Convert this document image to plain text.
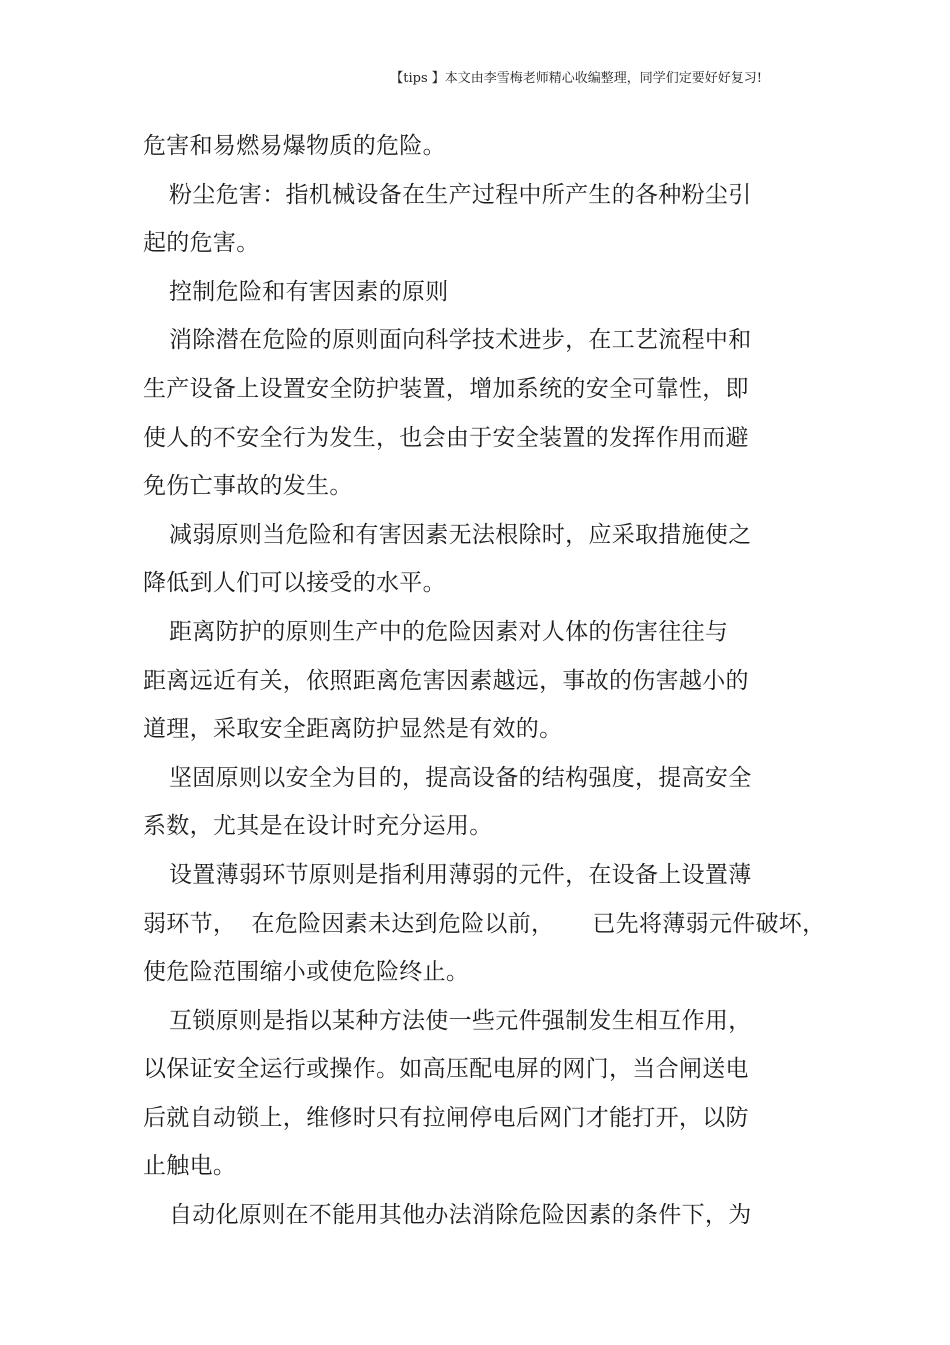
【tips 】本文由李雪梅老师精心收编整理，同学们定要好好复习!
危害和易燃易爆物质的危险。
粉尘危害：指机械设备在生产过程中所产生的各种粉尘引
起的危害。
控制危险和有害因素的原则
消除潜在危险的原则面向科学技术进步，在工艺流程中和
生产设备上设置安全防护装置，增加系统的安全可靠性，即
使人的不安全行为发生，也会由于安全装置的发挥作用而避
免伤亡事故的发生。
减弱原则当危险和有害因素无法根除时，应采取措施使之
降低到人们可以接受的水平。
距离防护的原则生产中的危险因素对人体的伤害往往与
距离远近有关，依照距离危害因素越远，事故的伤害越小的
道理，采取安全距离防护显然是有效的。
坚固原则以安全为目的，提高设备的结构强度，提高安全
系数，尤其是在设计时充分运用。
设置薄弱环节原则是指利用薄弱的元件，在设备上设置薄
弱环节，  在危险因素未达到危险以前，     已先将薄弱元件破坏，
使危险范围缩小或使危险终止。
互锁原则是指以某种方法使一些元件强制发生相互作用，
以保证安全运行或操作。如高压配电屏的网门，当合闸送电
后就自动锁上，维修时只有拉闸停电后网门才能打开，以防
止触电。
自动化原则在不能用其他办法消除危险因素的条件下，为
